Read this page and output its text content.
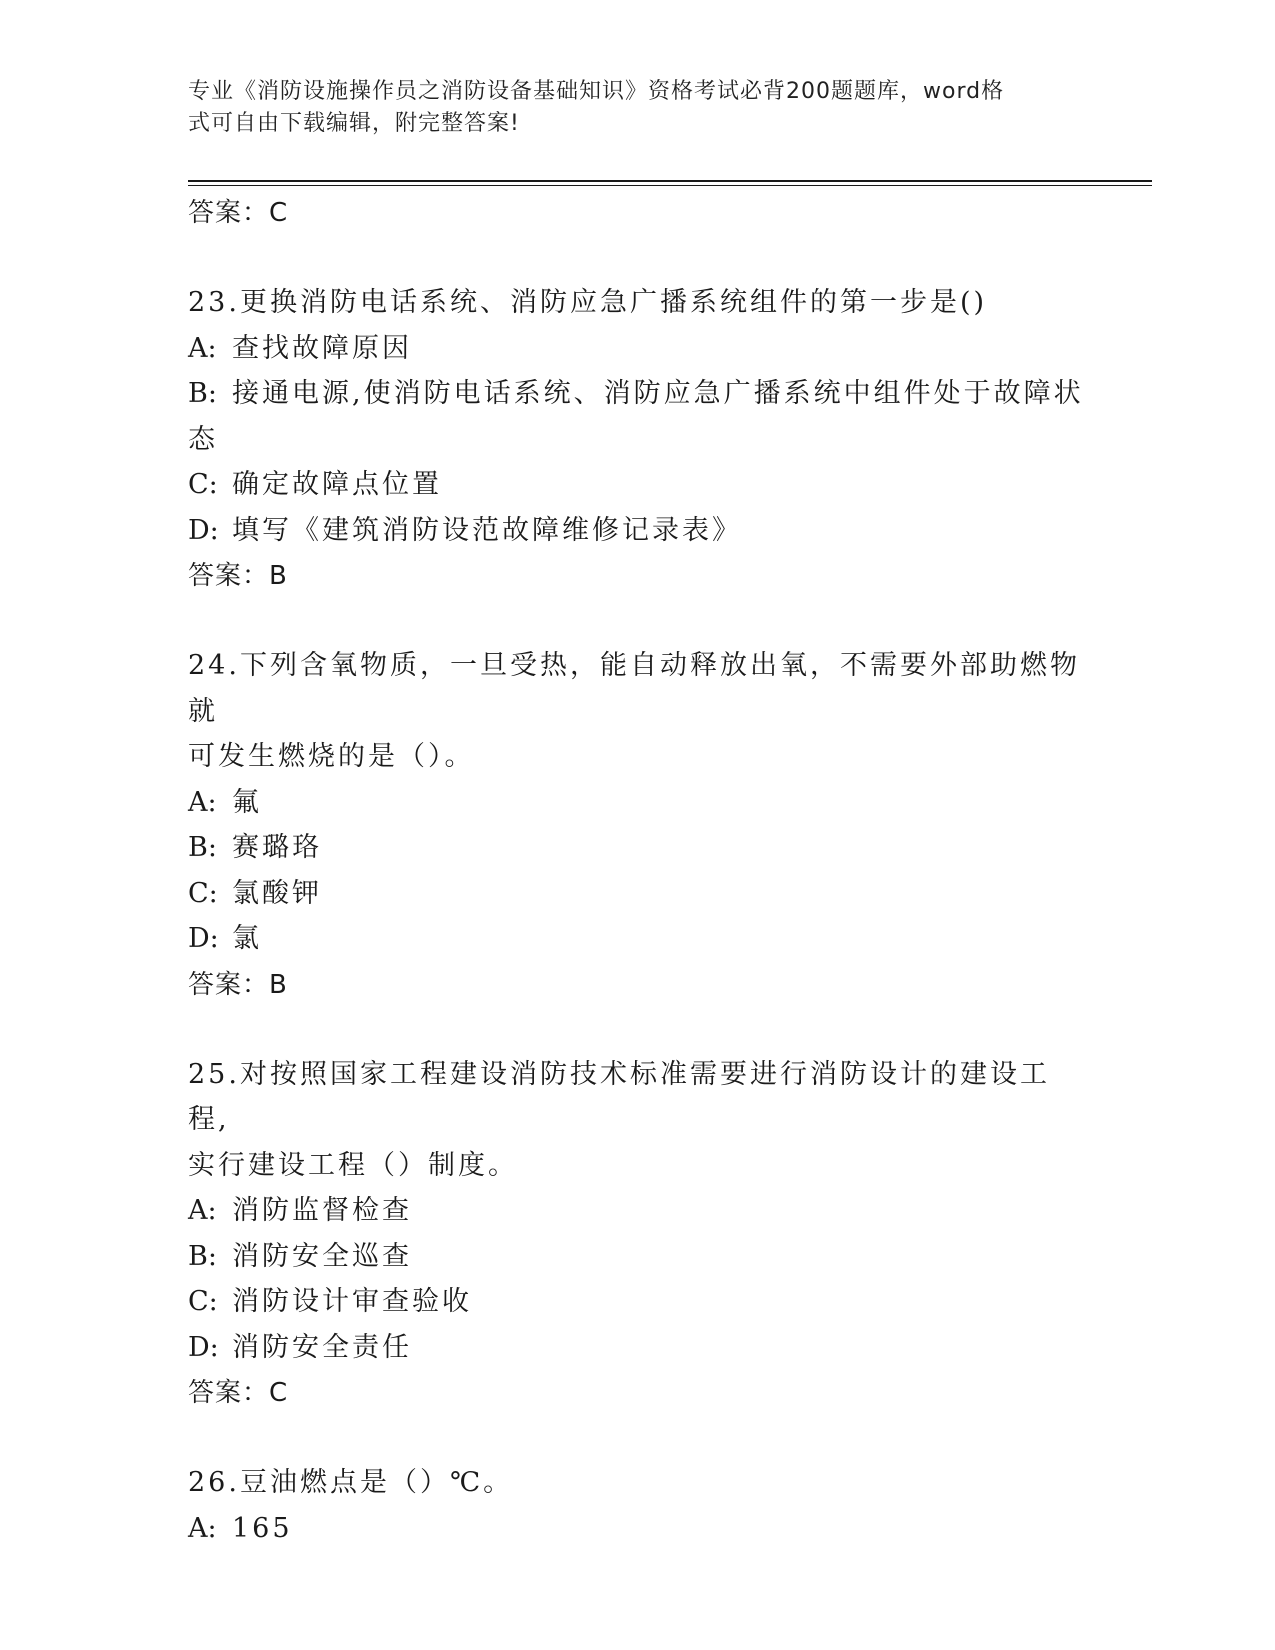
专业《消防设施操作员之消防设备基础知识》资格考试必背200题题库，word格
式可自由下载编辑，附完整答案!
答案：C
23.更换消防电话系统、消防应急广播系统组件的第一步是()
A: 查找故障原因
B: 接通电源,使消防电话系统、消防应急广播系统中组件处于故障状
态
C: 确定故障点位置
D: 填写《建筑消防设范故障维修记录表》
答案：B
24.下列含氧物质，一旦受热，能自动释放出氧，不需要外部助燃物就
可发生燃烧的是（）。
A: 氟
B: 赛璐珞
C: 氯酸钾
D: 氯
答案：B
25.对按照国家工程建设消防技术标准需要进行消防设计的建设工程,
实行建设工程（）制度。
A: 消防监督检查
B: 消防安全巡查
C: 消防设计审查验收
D: 消防安全责任
答案：C
26.豆油燃点是（）℃。
A: 165
